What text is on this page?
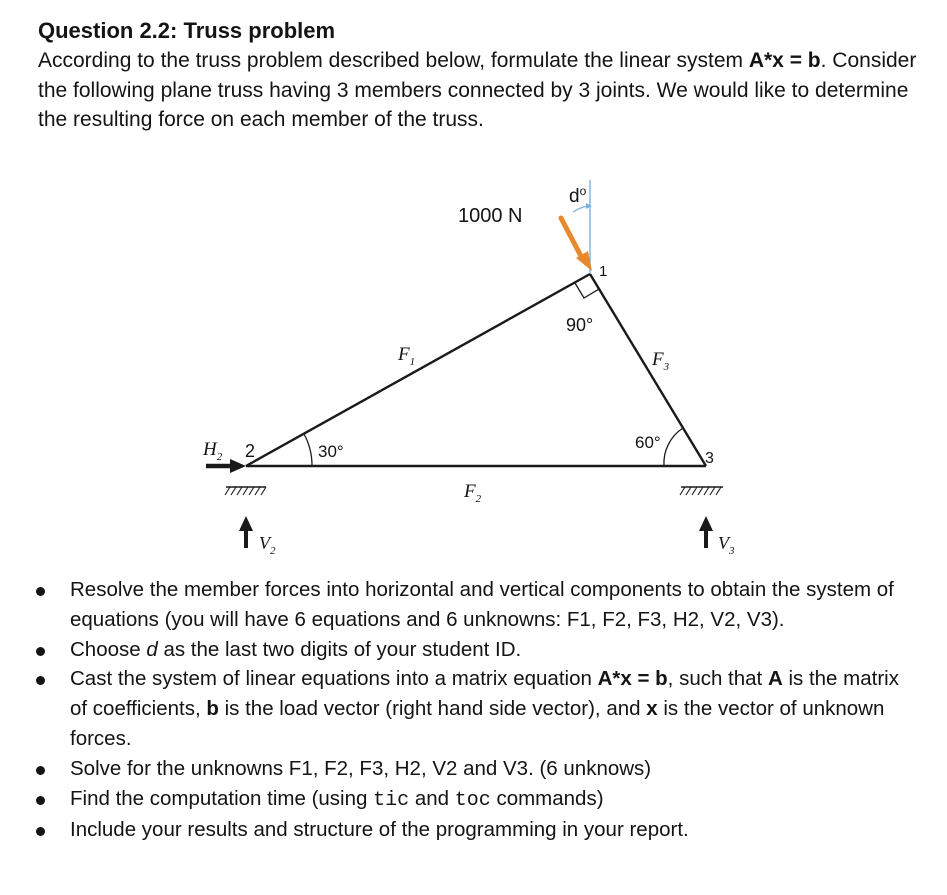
Question 2.2: Truss problem

According to the truss problem described below, formulate the linear system A*x = b. Consider the following plane truss having 3 members connected by 3 joints. We would like to determine the resulting force on each member of the truss.

1000 N
$d^o$
1
90°
30°	60°
2	3
$F_1$
$F_2$
$F_3$
$H_2$
$V_2$	$V_3$
Resolve the member forces into horizontal and vertical components to obtain the system of equations (you will have 6 equations and 6 unknowns: F1, F2, F3, H2, V2, V3).
Choose d as the last two digits of your student ID.
Cast the system of linear equations into a matrix equation A*x = b, such that A is the matrix of coefficients, b is the load vector (right hand side vector), and x is the vector of unknown forces.
Solve for the unknowns F1, F2, F3, H2, V2 and V3. (6 unknows)
Find the computation time (using tic and toc commands)
Include your results and structure of the programming in your report.
